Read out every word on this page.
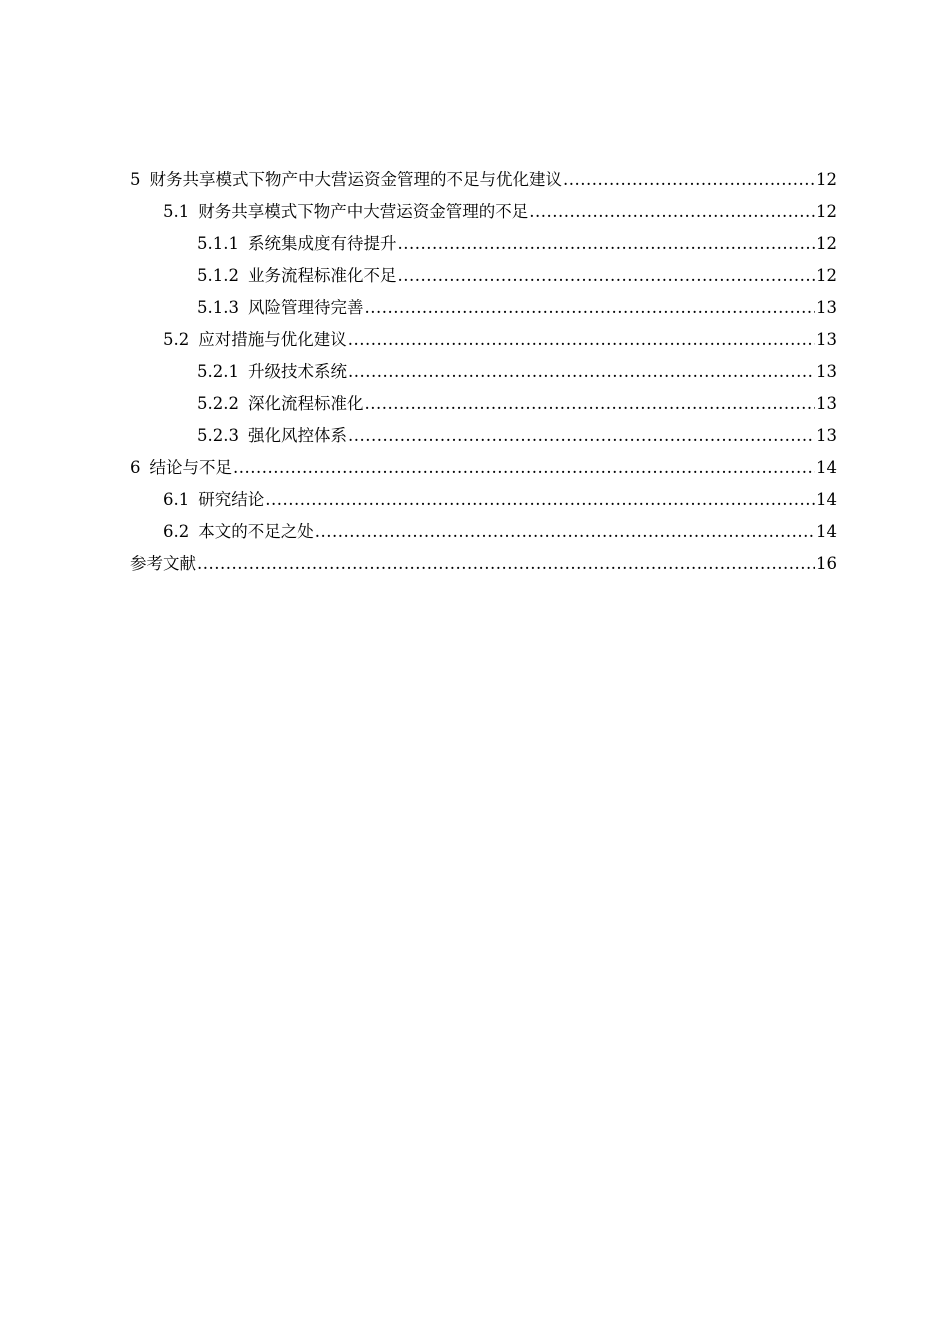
5 财务共享模式下物产中大营运资金管理的不足与优化建议 .....	12
5.1 财务共享模式下物产中大营运资金管理的不足 .....	12
5.1.1 系统集成度有待提升 .....	12
5.1.2 业务流程标准化不足 .....	12
5.1.3 风险管理待完善 .....	13
5.2 应对措施与优化建议 .....	13
5.2.1 升级技术系统 .....	13
5.2.2 深化流程标准化 .....	13
5.2.3 强化风控体系 .....	13
6 结论与不足 .....	14
6.1 研究结论 .....	14
6.2 本文的不足之处 .....	14
参考文献 .....	16
